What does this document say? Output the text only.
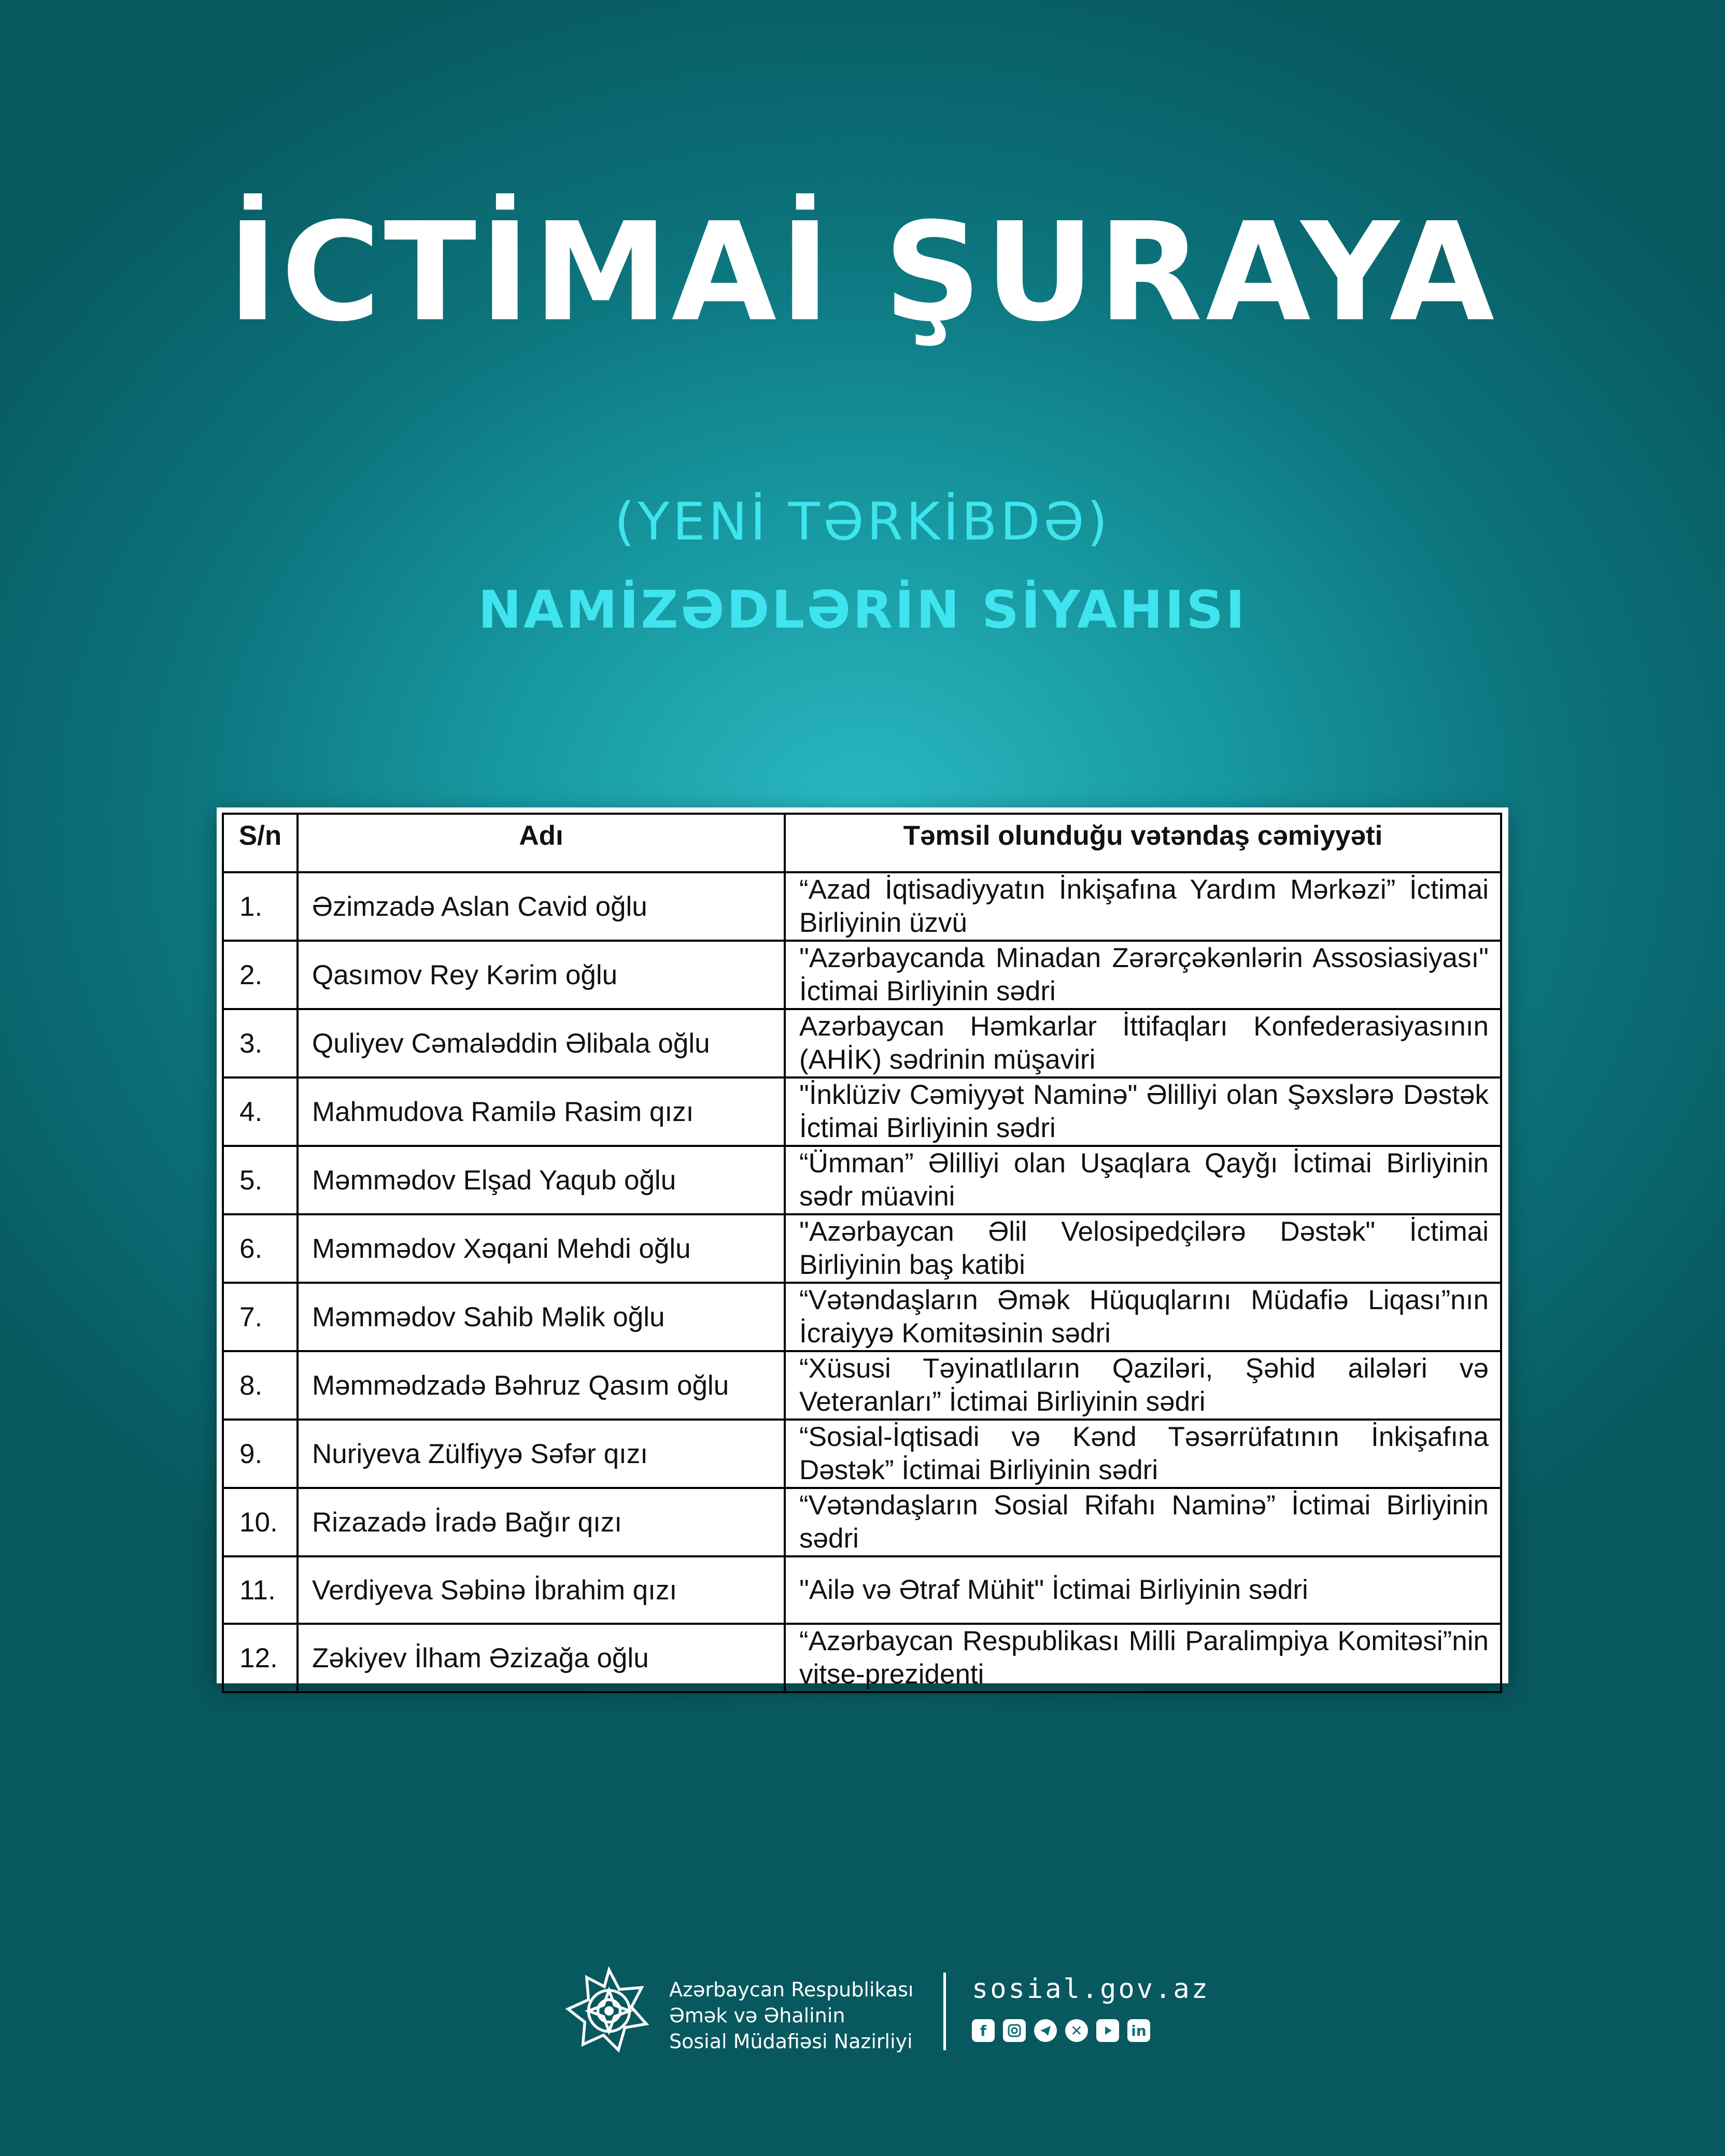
İCTİMAİ ŞURAYA
(YENİ TƏRKİBDƏ)
NAMİZƏDLƏRİN SİYAHISI
S/n	Adı	Təmsil olunduğu vətəndaş cəmiyyəti
1.	Əzimzadə Aslan Cavid oğlu	“Azad İqtisadiyyatın İnkişafına Yardım Mərkəzi” İctimai Birliyinin üzvü
2.	Qasımov Rey Kərim oğlu	"Azərbaycanda Minadan Zərərçəkənlərin Assosiasiyası" İctimai Birliyinin sədri
3.	Quliyev Cəmaləddin Əlibala oğlu	Azərbaycan Həmkarlar İttifaqları Konfederasiyasının (AHİK) sədrinin müşaviri
4.	Mahmudova Ramilə Rasim qızı	"İnklüziv Cəmiyyət Naminə" Əlilliyi olan Şəxslərə Dəstək İctimai Birliyinin sədri
5.	Məmmədov Elşad Yaqub oğlu	“Ümman” Əlilliyi olan Uşaqlara Qayğı İctimai Birliyinin sədr müavini
6.	Məmmədov Xəqani Mehdi oğlu	"Azərbaycan Əlil Velosipedçilərə Dəstək" İctimai Birliyinin baş katibi
7.	Məmmədov Sahib Məlik oğlu	“Vətəndaşların Əmək Hüquqlarını Müdafiə Liqası”nın İcraiyyə Komitəsinin sədri
8.	Məmmədzadə Bəhruz Qasım oğlu	“Xüsusi Təyinatlıların Qaziləri, Şəhid ailələri və Veteranları” İctimai Birliyinin sədri
9.	Nuriyeva Zülfiyyə Səfər qızı	“Sosial-İqtisadi və Kənd Təsərrüfatının İnkişafına Dəstək” İctimai Birliyinin sədri
10.	Rizazadə İradə Bağır qızı	“Vətəndaşların Sosial Rifahı Naminə” İctimai Birliyinin sədri
11.	Verdiyeva Səbinə İbrahim qızı	"Ailə və Ətraf Mühit" İctimai Birliyinin sədri
12.	Zəkiyev İlham Əzizağa oğlu	“Azərbaycan Respublikası Milli Paralimpiya Komitəsi”nin vitse-prezidenti
Azərbaycan Respublikası
Əmək və Əhalinin
Sosial Müdafiəsi Nazirliyi
sosial.gov.az
f	✕	in
